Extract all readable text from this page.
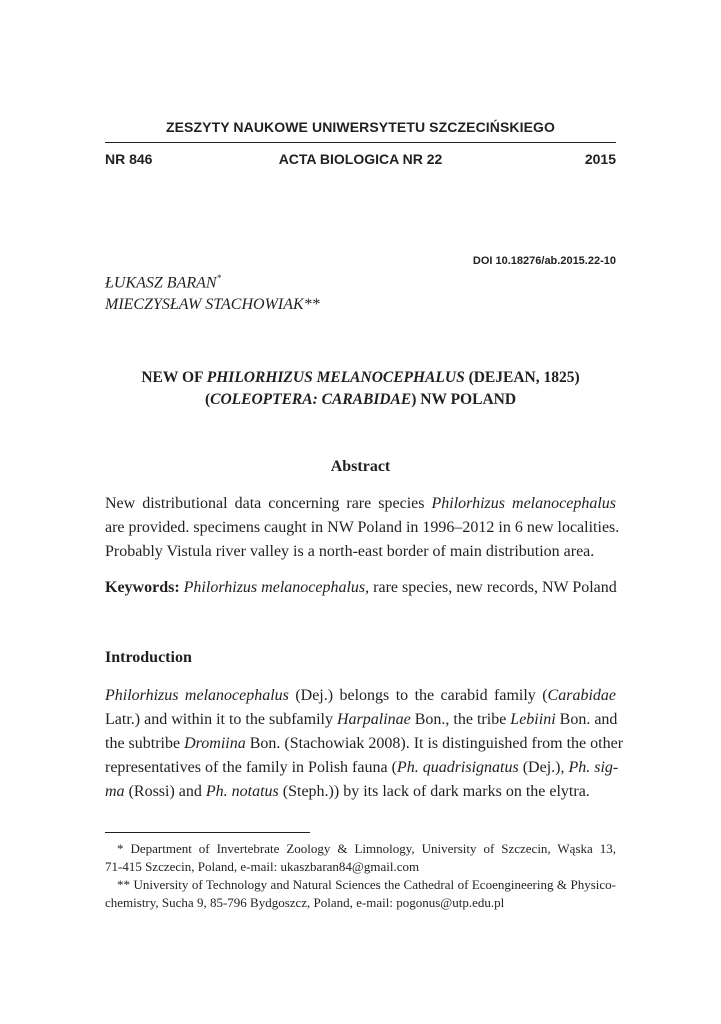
ZESZYTY NAUKOWE UNIWERSYTETU SZCZECIŃSKIEGO
NR 846	ACTA BIOLOGICA NR 22	2015
DOI 10.18276/ab.2015.22-10
ŁUKASZ BARAN*
MIECZYSŁAW STACHOWIAK**
NEW OF PHILORHIZUS MELANOCEPHALUS (DEJEAN, 1825)
(COLEOPTERA: CARABIDAE) NW POLAND
Abstract
New distributional data concerning rare species Philorhizus melanocephalus
are provided. specimens caught in NW Poland in 1996–2012 in 6 new localities.
Probably Vistula river valley is a north-east border of main distribution area.
Keywords: Philorhizus melanocephalus, rare species, new records, NW Poland
Introduction
Philorhizus melanocephalus (Dej.) belongs to the carabid family (Carabidae
Latr.) and within it to the subfamily Harpalinae Bon., the tribe Lebiini Bon. and
the subtribe Dromiina Bon. (Stachowiak 2008). It is distinguished from the other
representatives of the family in Polish fauna (Ph. quadrisignatus (Dej.), Ph. sig-
ma (Rossi) and Ph. notatus (Steph.)) by its lack of dark marks on the elytra.
* Department of Invertebrate Zoology & Limnology, University of Szczecin, Wąska 13,
71-415 Szczecin, Poland, e-mail: ukaszbaran84@gmail.com
** University of Technology and Natural Sciences the Cathedral of Ecoengineering & Physico-
chemistry, Sucha 9, 85-796 Bydgoszcz, Poland, e-mail: pogonus@utp.edu.pl
